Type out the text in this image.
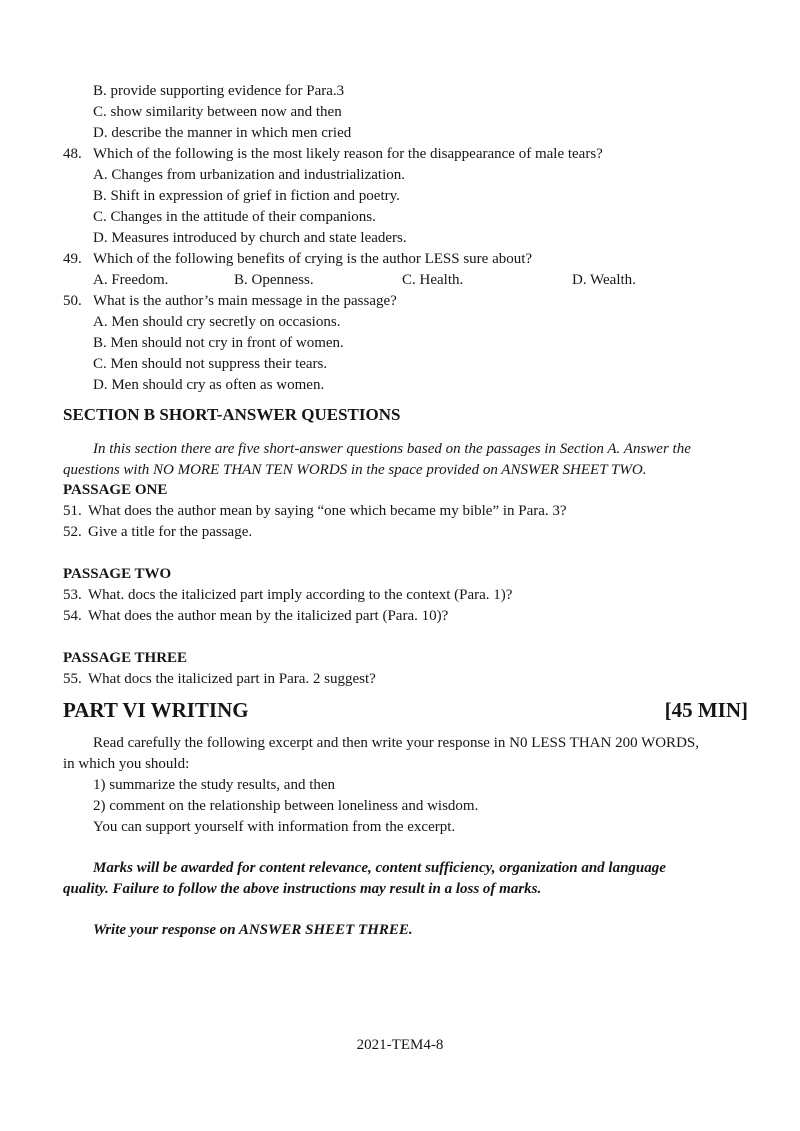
B. provide supporting evidence for Para.3
C. show similarity between now and then
D. describe the manner in which men cried
48. Which of the following is the most likely reason for the disappearance of male tears?
A. Changes from urbanization and industrialization.
B. Shift in expression of grief in fiction and poetry.
C. Changes in the attitude of their companions.
D. Measures introduced by church and state leaders.
49. Which of the following benefits of crying is the author LESS sure about?
A. Freedom.	B. Openness.	C. Health.	D. Wealth.
50. What is the author’s main message in the passage?
A. Men should cry secretly on occasions.
B. Men should not cry in front of women.
C. Men should not suppress their tears.
D. Men should cry as often as women.
SECTION B SHORT-ANSWER QUESTIONS
In this section there are five short-answer questions based on the passages in Section A. Answer the
questions with NO MORE THAN TEN WORDS in the space provided on ANSWER SHEET TWO.
PASSAGE ONE
51. What does the author mean by saying “one which became my bible” in Para. 3?
52. Give a title for the passage.
PASSAGE TWO
53. What. docs the italicized part imply according to the context (Para. 1)?
54. What does the author mean by the italicized part (Para. 10)?
PASSAGE THREE
55. What docs the italicized part in Para. 2 suggest?
PART VI WRITING	[45 MIN]
Read carefully the following excerpt and then write your response in N0 LESS THAN 200 WORDS,
in which you should:
1) summarize the study results, and then
2) comment on the relationship between loneliness and wisdom.
You can support yourself with information from the excerpt.
Marks will be awarded for content relevance, content sufficiency, organization and language
quality. Failure to follow the above instructions may result in a loss of marks.
Write your response on ANSWER SHEET THREE.
2021-TEM4-8
